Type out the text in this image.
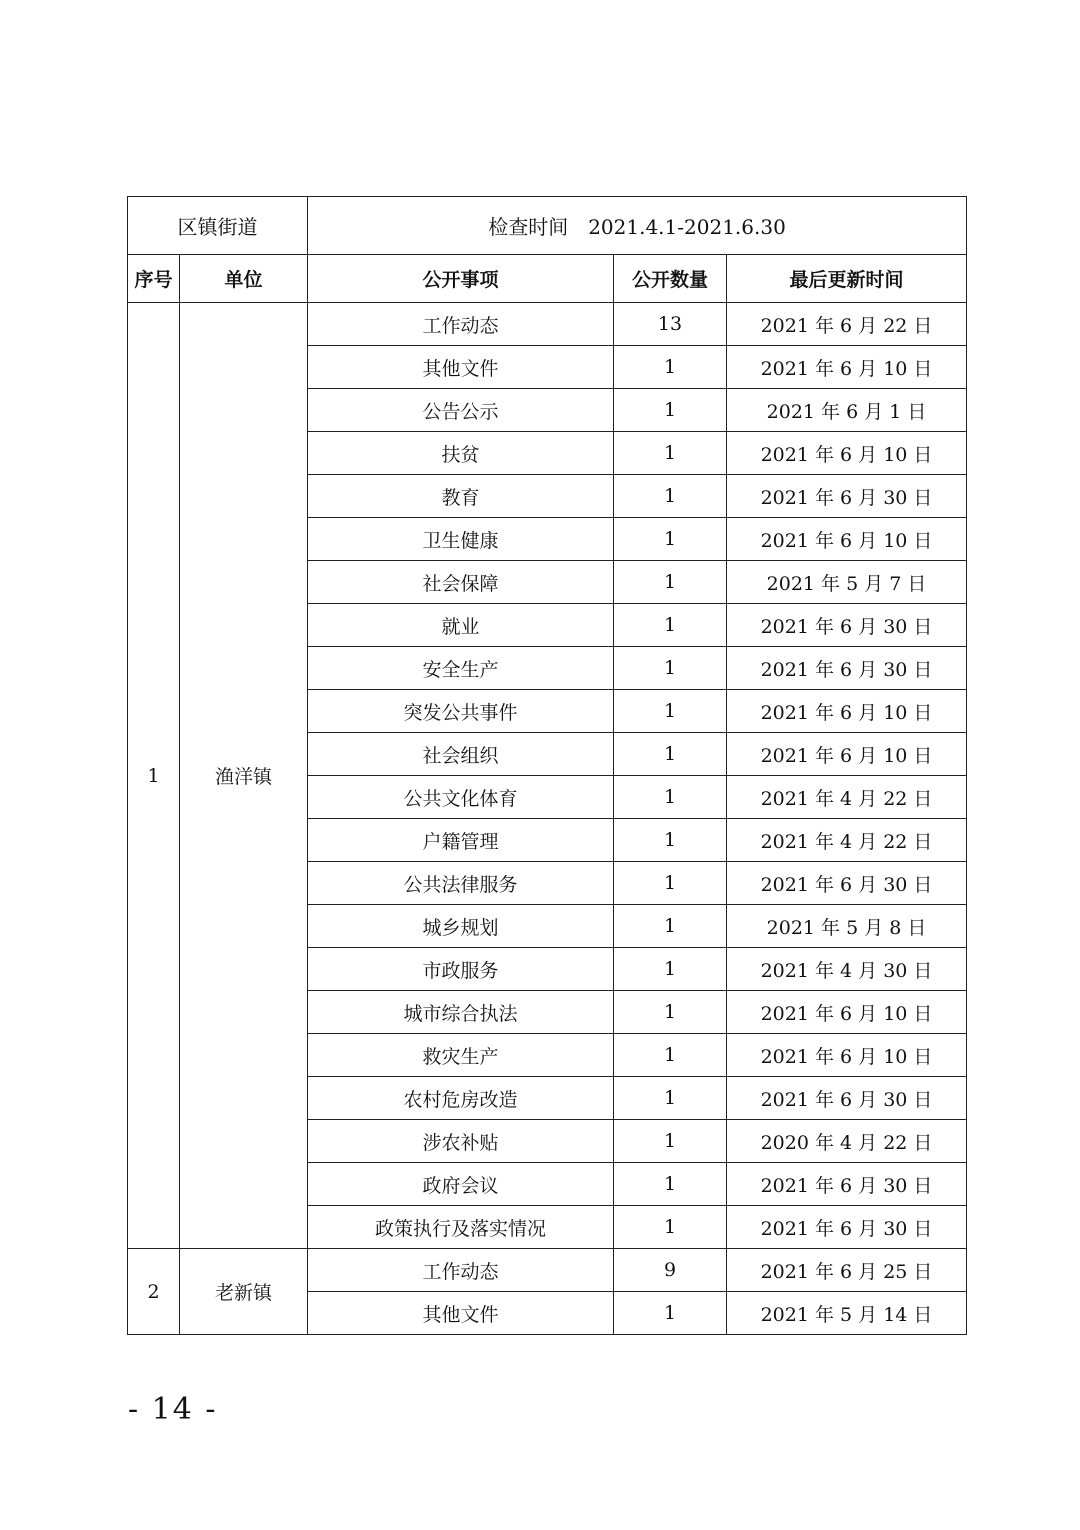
区镇街道		检查时间　2021.4.1-2021.6.30		
序号	单位	公开事项	公开数量	最后更新时间
1	渔洋镇	工作动态	13	2021 年 6 月 22 日
		其他文件	1	2021 年 6 月 10 日
		公告公示	1	2021 年 6 月 1 日
		扶贫	1	2021 年 6 月 10 日
		教育	1	2021 年 6 月 30 日
		卫生健康	1	2021 年 6 月 10 日
		社会保障	1	2021 年 5 月 7 日
		就业	1	2021 年 6 月 30 日
		安全生产	1	2021 年 6 月 30 日
		突发公共事件	1	2021 年 6 月 10 日
		社会组织	1	2021 年 6 月 10 日
		公共文化体育	1	2021 年 4 月 22 日
		户籍管理	1	2021 年 4 月 22 日
		公共法律服务	1	2021 年 6 月 30 日
		城乡规划	1	2021 年 5 月 8 日
		市政服务	1	2021 年 4 月 30 日
		城市综合执法	1	2021 年 6 月 10 日
		救灾生产	1	2021 年 6 月 10 日
		农村危房改造	1	2021 年 6 月 30 日
		涉农补贴	1	2020 年 4 月 22 日
		政府会议	1	2021 年 6 月 30 日
		政策执行及落实情况	1	2021 年 6 月 30 日
2	老新镇	工作动态	9	2021 年 6 月 25 日
		其他文件	1	2021 年 5 月 14 日
- 14 -
